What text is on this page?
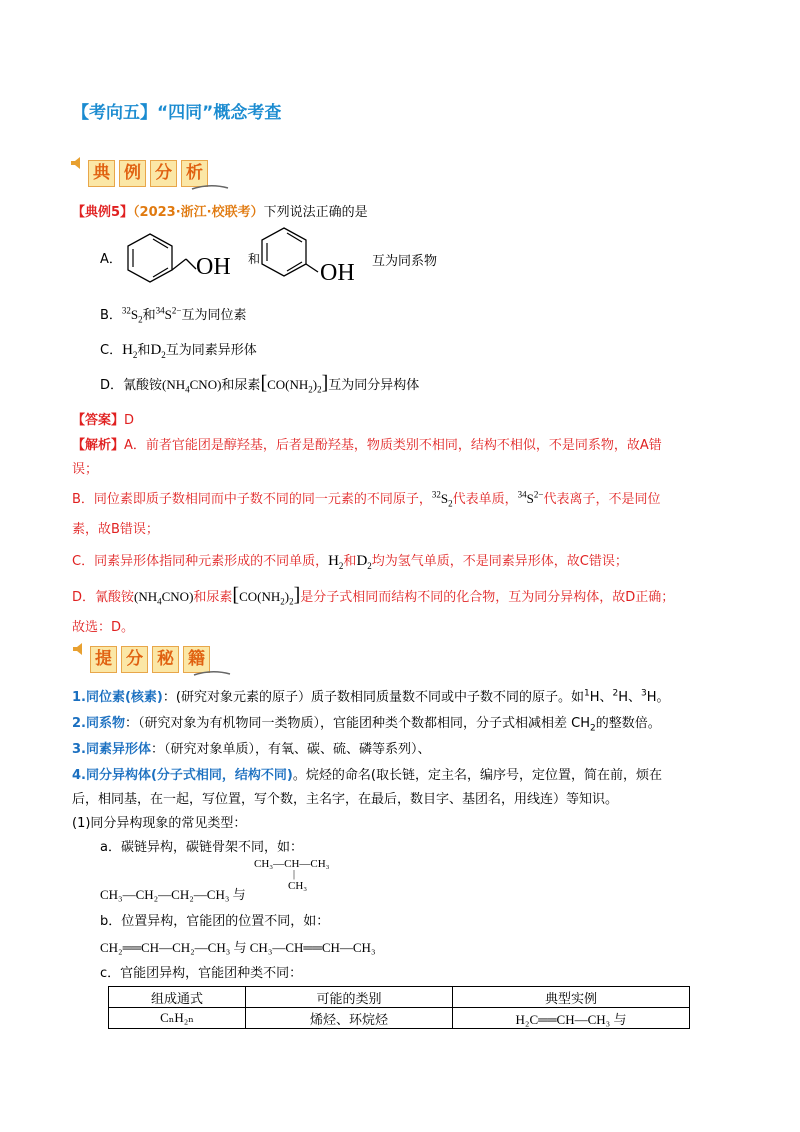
【考向五】“四同”概念考查
典 例 分 析
【典例5】（2023·浙江·校联考）下列说法正确的是
A．	OH 和
OH 互为同系物
B．$^{32}S_2$和$^{34}S^{2-}$互为同位素
C．$H_2$和$D_2$互为同素异形体
D．氰酸铵$(NH_4CNO)$和尿素$[CO(NH_2)_2]$互为同分异构体
【答案】D
【解析】A．前者官能团是醇羟基，后者是酚羟基，物质类别不相同，结构不相似，不是同系物，故A错
误；
B．同位素即质子数相同而中子数不同的同一元素的不同原子，$^{32}S_2$代表单质，$^{34}S^{2-}$代表离子，不是同位
素，故B错误；
C．同素异形体指同种元素形成的不同单质，$H_2$和$D_2$均为氢气单质，不是同素异形体，故C错误；
D．氰酸铵$(NH_4CNO)$和尿素$[CO(NH_2)_2]$是分子式相同而结构不同的化合物，互为同分异构体，故D正确；
故选：D。
提 分 秘 籍
1.同位素(核素)：(研究对象元素的原子）质子数相同质量数不同或中子数不同的原子。如$^1$H、$^2$H、$^3$H。
2.同系物：（研究对象为有机物同一类物质），官能团种类个数都相同，分子式相减相差 $CH_2$的整数倍。
3.同素异形体：（研究对象单质），有氧、碳、硫、磷等系列）、
4.同分异构体(分子式相同，结构不同)。烷烃的命名(取长链，定主名，编序号，定位置，简在前，烦在
后，相同基，在一起，写位置，写个数，主名字，在最后，数目字、基团名，用线连）等知识。
(1)同分异构现象的常见类型：
a．碳链异构，碳链骨架不同，如：
CH₃—CH—CH₃
|
CH₃
CH₃—CH₂—CH₂—CH₃ 与
b．位置异构，官能团的位置不同，如：
CH₂══CH—CH₂—CH₃ 与 CH₃—CH══CH—CH₃
c．官能团异构，官能团种类不同：
组成通式	可能的类别	典型实例
CₙH₂ₙ	烯烃、环烷烃	H₂C══CH—CH₃ 与
